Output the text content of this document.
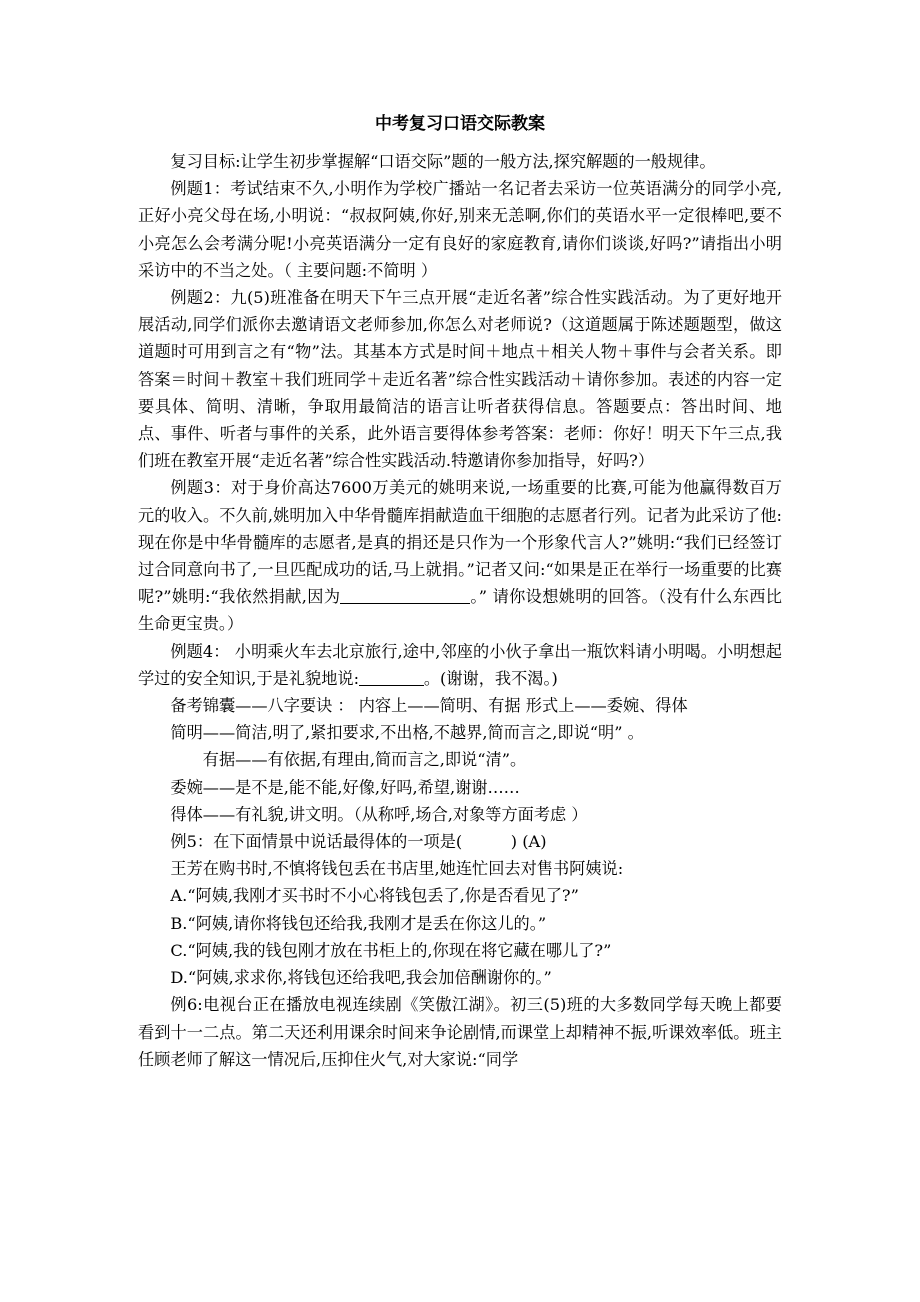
中考复习口语交际教案

复习目标:让学生初步掌握解“口语交际”题的一般方法,探究解题的一般规律。

例题1：考试结束不久,小明作为学校广播站一名记者去采访一位英语满分的同学小亮,正好小亮父母在场,小明说：“叔叔阿姨,你好,别来无恙啊,你们的英语水平一定很棒吧,要不小亮怎么会考满分呢!小亮英语满分一定有良好的家庭教育,请你们谈谈,好吗?”请指出小明采访中的不当之处。（ 主要问题:不简明 ）

例题2：九(5)班准备在明天下午三点开展“走近名著”综合性实践活动。为了更好地开展活动,同学们派你去邀请语文老师参加,你怎么对老师说?（这道题属于陈述题题型，做这道题时可用到言之有“物”法。其基本方式是时间＋地点＋相关人物＋事件与会者关系。即答案＝时间＋教室＋我们班同学＋走近名著”综合性实践活动＋请你参加。表述的内容一定要具体、简明、清晰，争取用最简洁的语言让听者获得信息。答题要点：答出时间、地点、事件、听者与事件的关系，此外语言要得体参考答案：老师：你好！明天下午三点,我们班在教室开展“走近名著”综合性实践活动.特邀请你参加指导，好吗?）

例题3：对于身价高达7600万美元的姚明来说,一场重要的比赛,可能为他赢得数百万元的收入。不久前,姚明加入中华骨髓库捐献造血干细胞的志愿者行列。记者为此采访了他:现在你是中华骨髓库的志愿者,是真的捐还是只作为一个形象代言人?”姚明:“我们已经签订过合同意向书了,一旦匹配成功的话,马上就捐。”记者又问:“如果是正在举行一场重要的比赛呢?”姚明:“我依然捐献,因为	。” 请你设想姚明的回答。（没有什么东西比生命更宝贵。）

例题4： 小明乘火车去北京旅行,途中,邻座的小伙子拿出一瓶饮料请小明喝。小明想起学过的安全知识,于是礼貌地说:	。(谢谢，我不渴。)

备考锦囊——八字要诀 ： 内容上——简明、有据 形式上——委婉、得体

简明——简洁,明了,紧扣要求,不出格,不越界,简而言之,即说“明” 。

有据——有依据,有理由,简而言之,即说“清”。

委婉——是不是,能不能,好像,好吗,希望,谢谢……

得体——有礼貌,讲文明。（从称呼,场合,对象等方面考虑 ）

例5：在下面情景中说话最得体的一项是(　　　) (A)

王芳在购书时,不慎将钱包丢在书店里,她连忙回去对售书阿姨说:

A.“阿姨,我刚才买书时不小心将钱包丢了,你是否看见了?”

B.“阿姨,请你将钱包还给我,我刚才是丢在你这儿的。”

C.“阿姨,我的钱包刚才放在书柜上的,你现在将它藏在哪儿了?”

D.“阿姨,求求你,将钱包还给我吧,我会加倍酬谢你的。”

例6:电视台正在播放电视连续剧《笑傲江湖》。初三(5)班的大多数同学每天晚上都要看到十一二点。第二天还利用课余时间来争论剧情,而课堂上却精神不振,听课效率低。班主任顾老师了解这一情况后,压抑住火气,对大家说:“同学
